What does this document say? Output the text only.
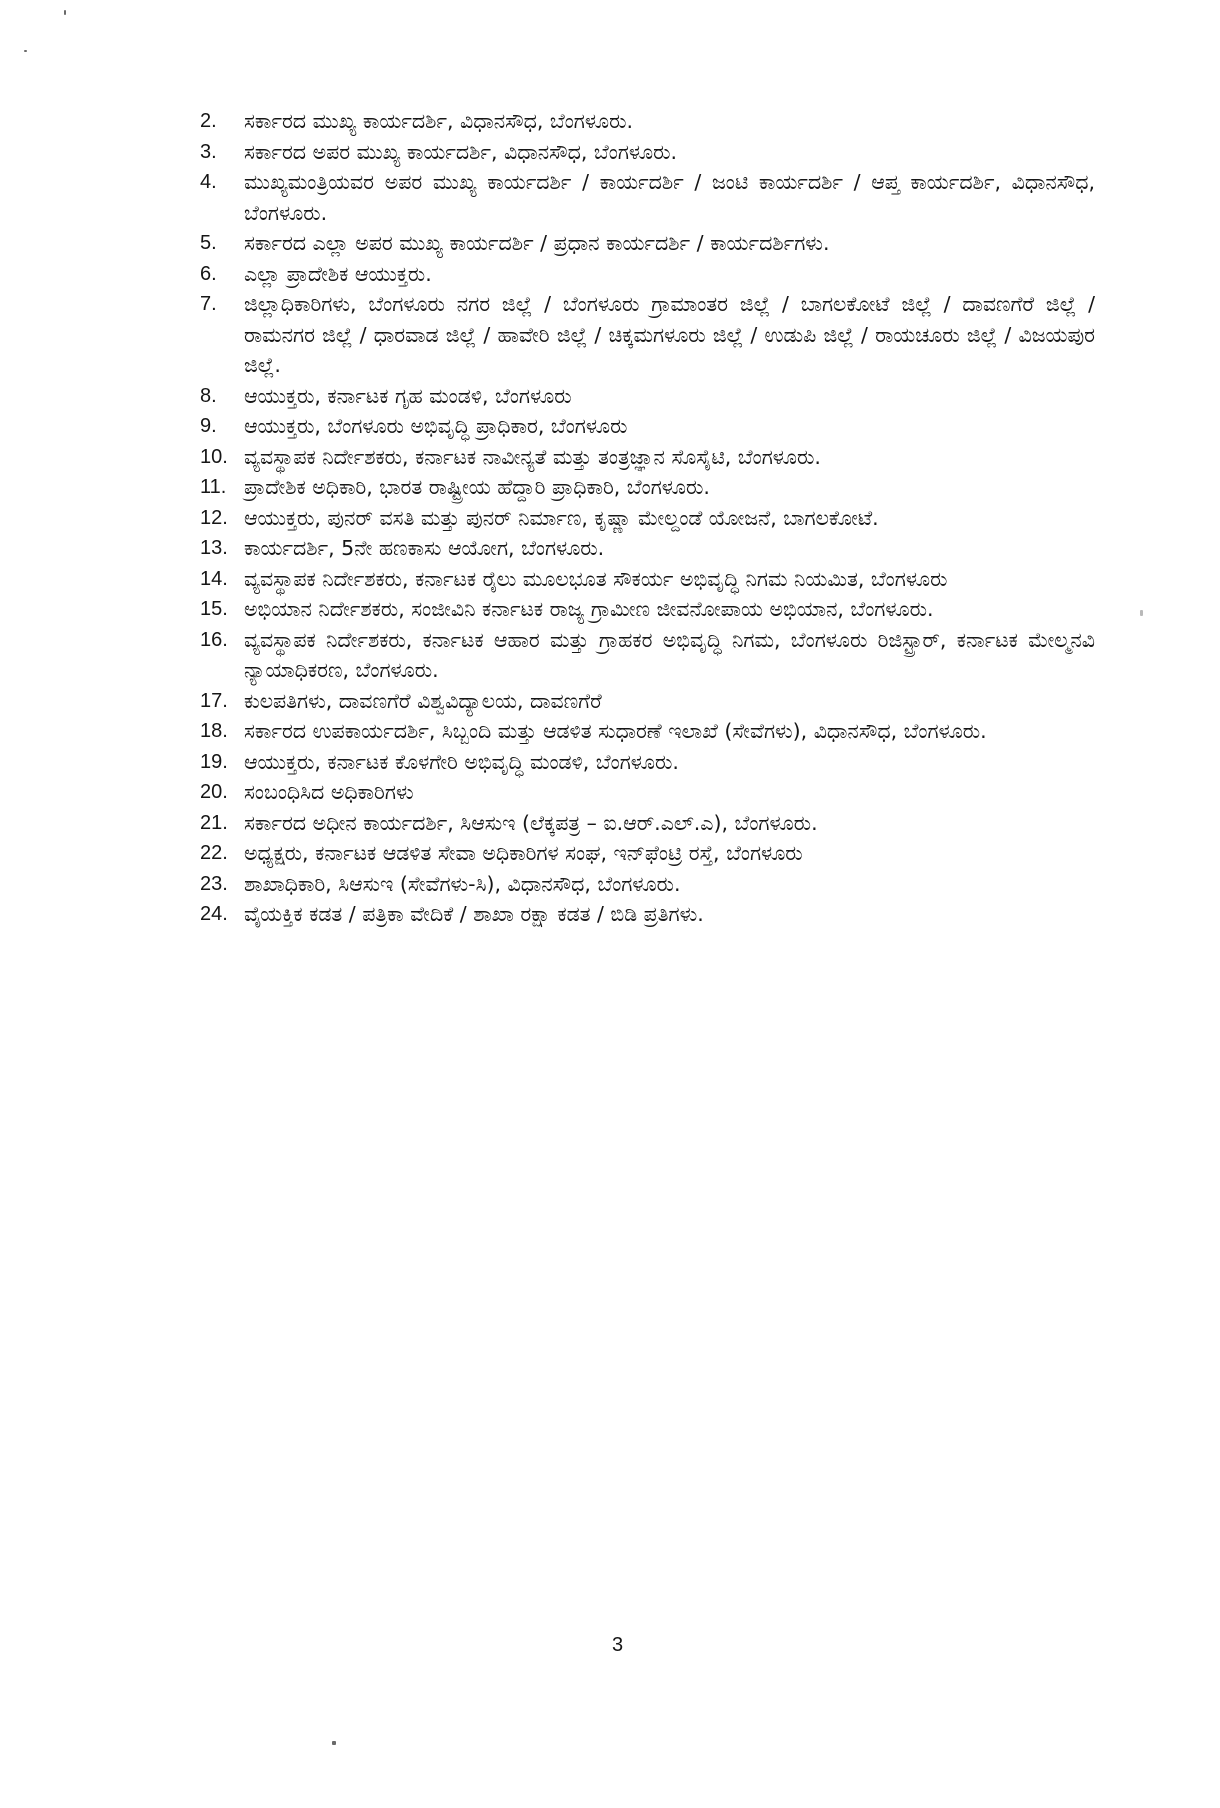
2.	ಸರ್ಕಾರದ ಮುಖ್ಯ ಕಾರ್ಯದರ್ಶಿ, ವಿಧಾನಸೌಧ, ಬೆಂಗಳೂರು.
3.	ಸರ್ಕಾರದ ಅಪರ ಮುಖ್ಯ ಕಾರ್ಯದರ್ಶಿ, ವಿಧಾನಸೌಧ, ಬೆಂಗಳೂರು.
4.	ಮುಖ್ಯಮಂತ್ರಿಯವರ ಅಪರ ಮುಖ್ಯ ಕಾರ್ಯದರ್ಶಿ / ಕಾರ್ಯದರ್ಶಿ / ಜಂಟಿ ಕಾರ್ಯದರ್ಶಿ / ಆಪ್ತ ಕಾರ್ಯದರ್ಶಿ, ವಿಧಾನಸೌಧ, ಬೆಂಗಳೂರು.
5.	ಸರ್ಕಾರದ ಎಲ್ಲಾ ಅಪರ ಮುಖ್ಯ ಕಾರ್ಯದರ್ಶಿ / ಪ್ರಧಾನ ಕಾರ್ಯದರ್ಶಿ / ಕಾರ್ಯದರ್ಶಿಗಳು.
6.	ಎಲ್ಲಾ ಪ್ರಾದೇಶಿಕ ಆಯುಕ್ತರು.
7.	ಜಿಲ್ಲಾಧಿಕಾರಿಗಳು, ಬೆಂಗಳೂರು ನಗರ ಜಿಲ್ಲೆ / ಬೆಂಗಳೂರು ಗ್ರಾಮಾಂತರ ಜಿಲ್ಲೆ / ಬಾಗಲಕೋಟೆ ಜಿಲ್ಲೆ / ದಾವಣಗೆರೆ ಜಿಲ್ಲೆ / ರಾಮನಗರ ಜಿಲ್ಲೆ / ಧಾರವಾಡ ಜಿಲ್ಲೆ / ಹಾವೇರಿ ಜಿಲ್ಲೆ / ಚಿಕ್ಕಮಗಳೂರು ಜಿಲ್ಲೆ / ಉಡುಪಿ ಜಿಲ್ಲೆ / ರಾಯಚೂರು ಜಿಲ್ಲೆ / ವಿಜಯಪುರ ಜಿಲ್ಲೆ.
8.	ಆಯುಕ್ತರು, ಕರ್ನಾಟಕ ಗೃಹ ಮಂಡಳಿ, ಬೆಂಗಳೂರು
9.	ಆಯುಕ್ತರು, ಬೆಂಗಳೂರು ಅಭಿವೃದ್ಧಿ ಪ್ರಾಧಿಕಾರ, ಬೆಂಗಳೂರು
10. ವ್ಯವಸ್ಥಾಪಕ ನಿರ್ದೇಶಕರು, ಕರ್ನಾಟಕ ನಾವೀನ್ಯತೆ ಮತ್ತು ತಂತ್ರಜ್ಞಾನ ಸೊಸೈಟಿ, ಬೆಂಗಳೂರು.
11. ಪ್ರಾದೇಶಿಕ ಅಧಿಕಾರಿ, ಭಾರತ ರಾಷ್ಟ್ರೀಯ ಹೆದ್ದಾರಿ ಪ್ರಾಧಿಕಾರಿ, ಬೆಂಗಳೂರು.
12. ಆಯುಕ್ತರು, ಪುನರ್ ವಸತಿ ಮತ್ತು ಪುನರ್ ನಿರ್ಮಾಣ, ಕೃಷ್ಣಾ ಮೇಲ್ದಂಡೆ ಯೋಜನೆ, ಬಾಗಲಕೋಟೆ.
13. ಕಾರ್ಯದರ್ಶಿ, 5ನೇ ಹಣಕಾಸು ಆಯೋಗ, ಬೆಂಗಳೂರು.
14. ವ್ಯವಸ್ಥಾಪಕ ನಿರ್ದೇಶಕರು, ಕರ್ನಾಟಕ ರೈಲು ಮೂಲಭೂತ ಸೌಕರ್ಯ ಅಭಿವೃದ್ಧಿ ನಿಗಮ ನಿಯಮಿತ, ಬೆಂಗಳೂರು
15. ಅಭಿಯಾನ ನಿರ್ದೇಶಕರು, ಸಂಜೀವಿನಿ ಕರ್ನಾಟಕ ರಾಜ್ಯ ಗ್ರಾಮೀಣ ಜೀವನೋಪಾಯ ಅಭಿಯಾನ, ಬೆಂಗಳೂರು.
16. ವ್ಯವಸ್ಥಾಪಕ ನಿರ್ದೇಶಕರು, ಕರ್ನಾಟಕ ಆಹಾರ ಮತ್ತು ಗ್ರಾಹಕರ ಅಭಿವೃದ್ಧಿ ನಿಗಮ, ಬೆಂಗಳೂರು ರಿಜಿಸ್ಟ್ರಾರ್, ಕರ್ನಾಟಕ ಮೇಲ್ಮನವಿ ನ್ಯಾಯಾಧಿಕರಣ, ಬೆಂಗಳೂರು.
17. ಕುಲಪತಿಗಳು, ದಾವಣಗೆರೆ ವಿಶ್ವವಿದ್ಯಾಲಯ, ದಾವಣಗೆರೆ
18. ಸರ್ಕಾರದ ಉಪಕಾರ್ಯದರ್ಶಿ, ಸಿಬ್ಬಂದಿ ಮತ್ತು ಆಡಳಿತ ಸುಧಾರಣೆ ಇಲಾಖೆ (ಸೇವೆಗಳು), ವಿಧಾನಸೌಧ, ಬೆಂಗಳೂರು.
19. ಆಯುಕ್ತರು, ಕರ್ನಾಟಕ ಕೊಳಗೇರಿ ಅಭಿವೃದ್ಧಿ ಮಂಡಳಿ, ಬೆಂಗಳೂರು.
20. ಸಂಬಂಧಿಸಿದ ಅಧಿಕಾರಿಗಳು
21. ಸರ್ಕಾರದ ಅಧೀನ ಕಾರ್ಯದರ್ಶಿ, ಸಿಆಸುಇ (ಲೆಕ್ಕಪತ್ರ – ಐ.ಆರ್.ಎಲ್.ಎ), ಬೆಂಗಳೂರು.
22. ಅಧ್ಯಕ್ಷರು, ಕರ್ನಾಟಕ ಆಡಳಿತ ಸೇವಾ ಅಧಿಕಾರಿಗಳ ಸಂಘ, ಇನ್‌ಫೆಂಟ್ರಿ ರಸ್ತೆ, ಬೆಂಗಳೂರು
23. ಶಾಖಾಧಿಕಾರಿ, ಸಿಆಸುಇ (ಸೇವೆಗಳು-ಸಿ), ವಿಧಾನಸೌಧ, ಬೆಂಗಳೂರು.
24. ವೈಯಕ್ತಿಕ ಕಡತ / ಪತ್ರಿಕಾ ವೇದಿಕೆ / ಶಾಖಾ ರಕ್ಷಾ ಕಡತ / ಬಿಡಿ ಪ್ರತಿಗಳು.
3
